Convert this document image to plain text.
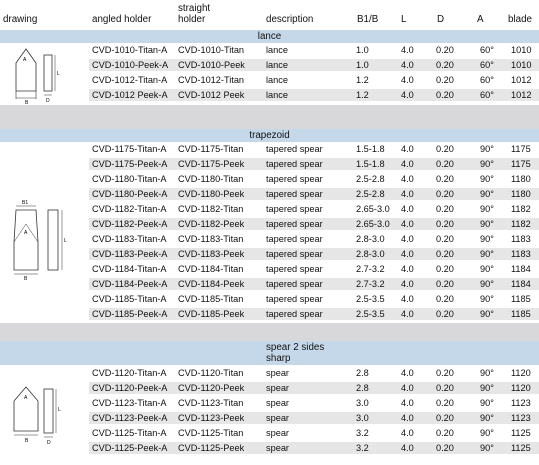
drawing	angled holder
straight
holder	description	B1/B L	D	A blade
lance
A
L
B	D
CVD-1010-Titan-A CVD-1010-Titan lance	1.0	4.0 0.20	60° 1010
CVD-1010-Peek-A CVD-1010-Peek lance	1.0	4.0 0.20	60° 1010
CVD-1012-Titan-A CVD-1012-Titan lance	1.2	4.0 0.20	60° 1012
CVD-1012 Peek-A CVD-1012 Peek lance	1.2	4.0 0.20	60° 1012
trapezoid
B1
A
L
B
CVD-1175-Titan-A CVD-1175-Titan tapered spear	1.5-1.8 4.0 0.20	90° 1175
CVD-1175-Peek-A CVD-1175-Peek tapered spear	1.5-1.8 4.0 0.20	90° 1175
CVD-1180-Titan-A CVD-1180-Titan tapered spear	2.5-2.8 4.0 0.20	90° 1180
CVD-1180-Peek-A CVD-1180-Peek tapered spear	2.5-2.8 4.0 0.20	90° 1180
CVD-1182-Titan-A CVD-1182-Titan tapered spear	2.65-3.0 4.0 0.20	90° 1182
CVD-1182-Peek-A CVD-1182-Peek tapered spear	2.65-3.0 4.0 0.20	90° 1182
CVD-1183-Titan-A CVD-1183-Titan tapered spear	2.8-3.0 4.0 0.20	90° 1183
CVD-1183-Peek-A CVD-1183-Peek tapered spear	2.8-3.0 4.0 0.20	90° 1183
CVD-1184-Titan-A CVD-1184-Titan tapered spear	2.7-3.2 4.0 0.20	90° 1184
CVD-1184-Peek-A CVD-1184-Peek tapered spear	2.7-3.2 4.0 0.20	90° 1184
CVD-1185-Titan-A CVD-1185-Titan tapered spear	2.5-3.5 4.0 0.20	90° 1185
CVD-1185-Peek-A CVD-1185-Peek tapered spear	2.5-3.5 4.0 0.20	90° 1185
spear 2 sides
sharp
A
L
B	D
CVD-1120-Titan-A CVD-1120-Titan spear	2.8	4.0 0.20	90° 1120
CVD-1120-Peek-A CVD-1120-Peek spear	2.8	4.0 0.20	90° 1120
CVD-1123-Titan-A CVD-1123-Titan spear	3.0	4.0 0.20	90° 1123
CVD-1123-Peek-A CVD-1123-Peek spear	3.0	4.0 0.20	90° 1123
CVD-1125-Titan-A CVD-1125-Titan spear	3.2	4.0 0.20	90° 1125
CVD-1125-Peek-A CVD-1125-Peek spear	3.2	4.0 0.20	90° 1125
